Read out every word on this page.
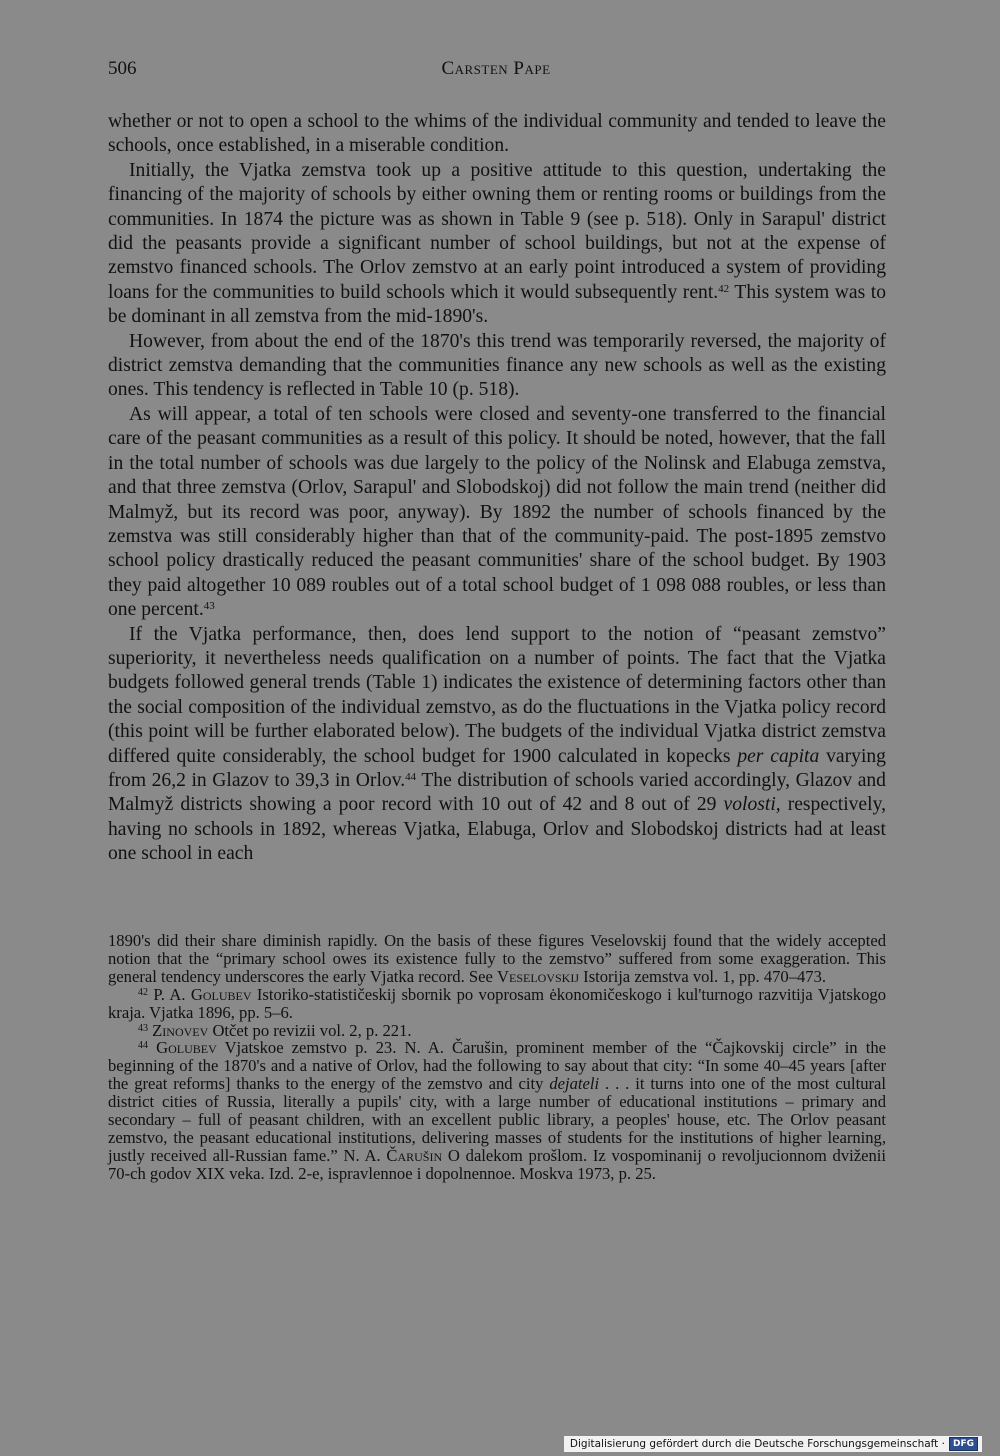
506	Carsten Pape

whether or not to open a school to the whims of the individual community and tended to leave the schools, once established, in a miserable condition.

Initially, the Vjatka zemstva took up a positive attitude to this question, undertaking the financing of the majority of schools by either owning them or renting rooms or buildings from the communities. In 1874 the picture was as shown in Table 9 (see p. 518). Only in Sarapul' district did the peasants provide a significant number of school buildings, but not at the expense of zemstvo financed schools. The Orlov zemstvo at an early point introduced a system of providing loans for the communities to build schools which it would subsequently rent.$^{42}$ This system was to be dominant in all zemstva from the mid-1890's.

However, from about the end of the 1870's this trend was temporarily reversed, the majority of district zemstva demanding that the communities finance any new schools as well as the existing ones. This tendency is reflected in Table 10 (p. 518).

As will appear, a total of ten schools were closed and seventy-one transferred to the financial care of the peasant communities as a result of this policy. It should be noted, however, that the fall in the total number of schools was due largely to the policy of the Nolinsk and Elabuga zemstva, and that three zemstva (Orlov, Sarapul' and Slobodskoj) did not follow the main trend (neither did Malmyž, but its record was poor, anyway). By 1892 the number of schools financed by the zemstva was still considerably higher than that of the community-paid. The post-1895 zemstvo school policy drastically reduced the peasant communities' share of the school budget. By 1903 they paid altogether 10 089 roubles out of a total school budget of 1 098 088 roubles, or less than one percent.$^{43}$

If the Vjatka performance, then, does lend support to the notion of “peasant zemstvo” superiority, it nevertheless needs qualification on a number of points. The fact that the Vjatka budgets followed general trends (Table 1) indicates the existence of determining factors other than the social composition of the individual zemstvo, as do the fluctuations in the Vjatka policy record (this point will be further elaborated below). The budgets of the individual Vjatka district zemstva differed quite considerably, the school budget for 1900 calculated in kopecks per capita varying from 26,2 in Glazov to 39,3 in Orlov.$^{44}$ The distribution of schools varied accordingly, Glazov and Malmyž districts showing a poor record with 10 out of 42 and 8 out of 29 volosti, respectively, having no schools in 1892, whereas Vjatka, Elabuga, Orlov and Slobodskoj districts had at least one school in each

1890's did their share diminish rapidly. On the basis of these figures Veselovskij found that the widely accepted notion that the “primary school owes its existence fully to the zemstvo” suffered from some exaggeration. This general tendency underscores the early Vjatka record. See Veselovskij Istorija zemstva vol. 1, pp. 470–473.

$^{42}$ P. A. Golubev Istoriko-statističeskij sbornik po voprosam ėkonomičeskogo i kul'turnogo razvitija Vjatskogo kraja. Vjatka 1896, pp. 5–6.

$^{43}$ Zinovev Otčet po revizii vol. 2, p. 221.

$^{44}$ Golubev Vjatskoe zemstvo p. 23. N. A. Čarušin, prominent member of the “Čajkovskij circle” in the beginning of the 1870's and a native of Orlov, had the following to say about that city: “In some 40–45 years [after the great reforms] thanks to the energy of the zemstvo and city dejateli . . . it turns into one of the most cultural district cities of Russia, literally a pupils' city, with a large number of educational institutions – primary and secondary – full of peasant children, with an excellent public library, a peoples' house, etc. The Orlov peasant zemstvo, the peasant educational institutions, delivering masses of students for the institutions of higher learning, justly received all-Russian fame.” N. A. Čarušin O dalekom prošlom. Iz vospominanij o revoljucionnom dviženii 70-ch godov XIX veka. Izd. 2-e, ispravlennoe i dopolnennoe. Moskva 1973, p. 25.

Digitalisierung gefördert durch die Deutsche Forschungsgemeinschaft · DFG
